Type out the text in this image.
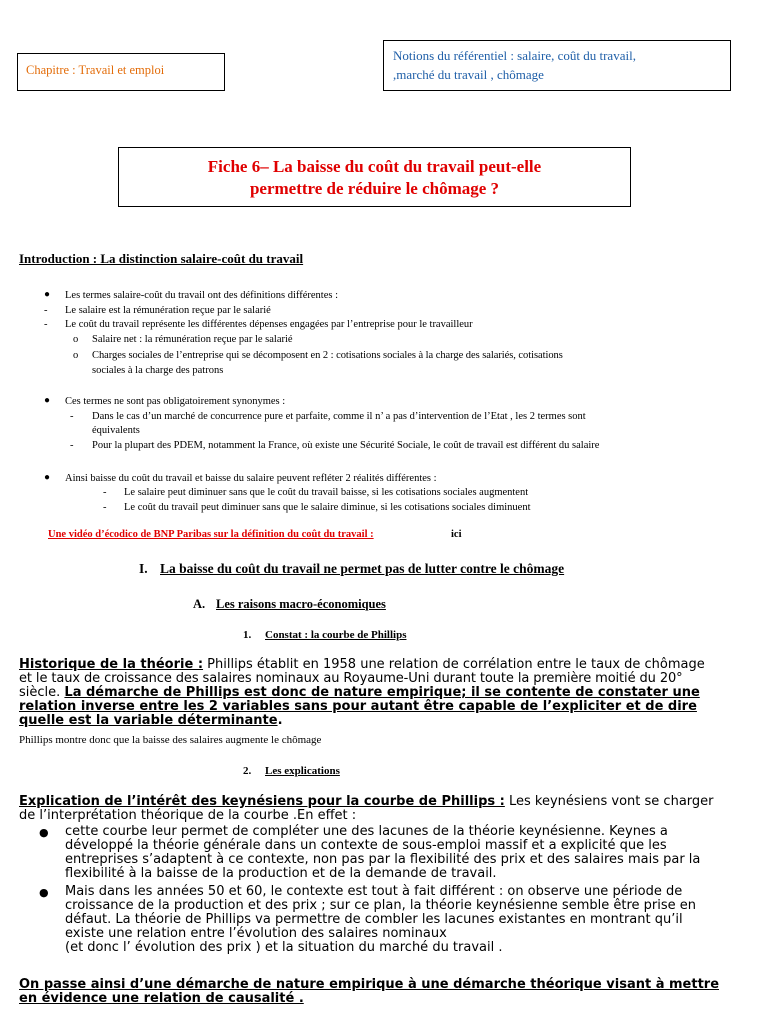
Chapitre : Travail et emploi
Notions du référentiel : salaire, coût du travail,
,marché du travail , chômage
Fiche 6– La baisse du coût du travail peut-elle
permettre de réduire le chômage ?
Introduction : La distinction salaire-coût du travail
● Les termes salaire-coût du travail ont des définitions différentes :
- Le salaire est la rémunération reçue par le salarié
- Le coût du travail représente les différentes dépenses engagées par l’entreprise pour le travailleur
o Salaire net : la rémunération reçue par le salarié
o Charges sociales de l’entreprise qui se décomposent en 2 : cotisations sociales à la charge des salariés, cotisations
sociales à la charge des patrons
● Ces termes ne sont pas obligatoirement synonymes :
- Dans le cas d’un marché de concurrence pure et parfaite, comme il n’ a pas d’intervention de l’Etat , les 2 termes sont
équivalents
- Pour la plupart des PDEM, notamment la France, où existe une Sécurité Sociale, le coût de travail est différent du salaire
● Ainsi baisse du coût du travail et baisse du salaire peuvent refléter 2 réalités différentes :
- Le salaire peut diminuer sans que le coût du travail baisse, si les cotisations sociales augmentent
- Le coût du travail peut diminuer sans que le salaire diminue, si les cotisations sociales diminuent
Une vidéo d’écodico de BNP Paribas sur la définition du coût du travail :	ici
I. La baisse du coût du travail ne permet pas de lutter contre le chômage
A. Les raisons macro-économiques
1. Constat : la courbe de Phillips
Historique de la théorie : Phillips établit en 1958 une relation de corrélation entre le taux de chômage
et le taux de croissance des salaires nominaux au Royaume-Uni durant toute la première moitié du 20°
siècle. La démarche de Phillips est donc de nature empirique; il se contente de constater une
relation inverse entre les 2 variables sans pour autant être capable de l’expliciter et de dire
quelle est la variable déterminante.
Phillips montre donc que la baisse des salaires augmente le chômage
2. Les explications
Explication de l’intérêt des keynésiens pour la courbe de Phillips : Les keynésiens vont se charger
de l’interprétation théorique de la courbe .En effet :
● cette courbe leur permet de compléter une des lacunes de la théorie keynésienne. Keynes a
développé la théorie générale dans un contexte de sous-emploi massif et a explicité que les
entreprises s’adaptent à ce contexte, non pas par la flexibilité des prix et des salaires mais par la
flexibilité à la baisse de la production et de la demande de travail.
● Mais dans les années 50 et 60, le contexte est tout à fait différent : on observe une période de
croissance de la production et des prix ; sur ce plan, la théorie keynésienne semble être prise en
défaut. La théorie de Phillips va permettre de combler les lacunes existantes en montrant qu’il
existe une relation entre l’évolution des salaires nominaux
(et donc l’ évolution des prix ) et la situation du marché du travail .
On passe ainsi d’une démarche de nature empirique à une démarche théorique visant à mettre
en évidence une relation de causalité .
